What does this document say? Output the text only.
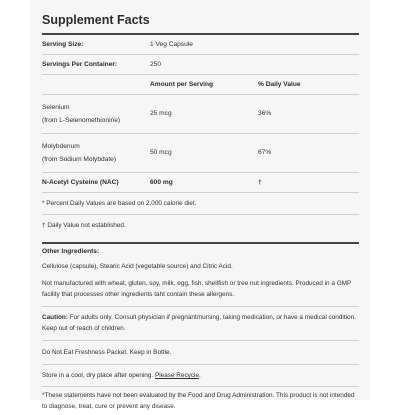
Supplement Facts
Serving Size:	1 Veg Capsule
Servings Per Container:	250
Amount per Serving	% Daily Value
Selenium
(from L-Selenomethionine)
25 mcg	36%
Molybdenum
(from Sodium Molybdate)
50 mcg	67%
N-Acetyl Cysteine (NAC)	600 mg	†
* Percent Daily Values are based on 2,000 calorie diet.
† Daily Value not established.
Other Ingredients:

Cellulose (capsule), Stearic Acid (vegetable source) and Citric Acid.

Not manufactured with wheat, gluten, soy, milk, egg, fish, shellfish or tree nut ingredients. Produced in a GMP facility that processes other ingredients taht contain these allergens.

Caution: For adults only. Consult physician if pregnant/nursing, taking medication, or have a medical condition. Keep out of reach of children.

Do Not Eat Freshness Packet. Keep in Bottle.

Store in a cool, dry place after opening. Please Recycle.

*These statements have not been evaluated by the Food and Drug Administration. This product is not intended to diagnose, treat, cure or prevent any disease.
